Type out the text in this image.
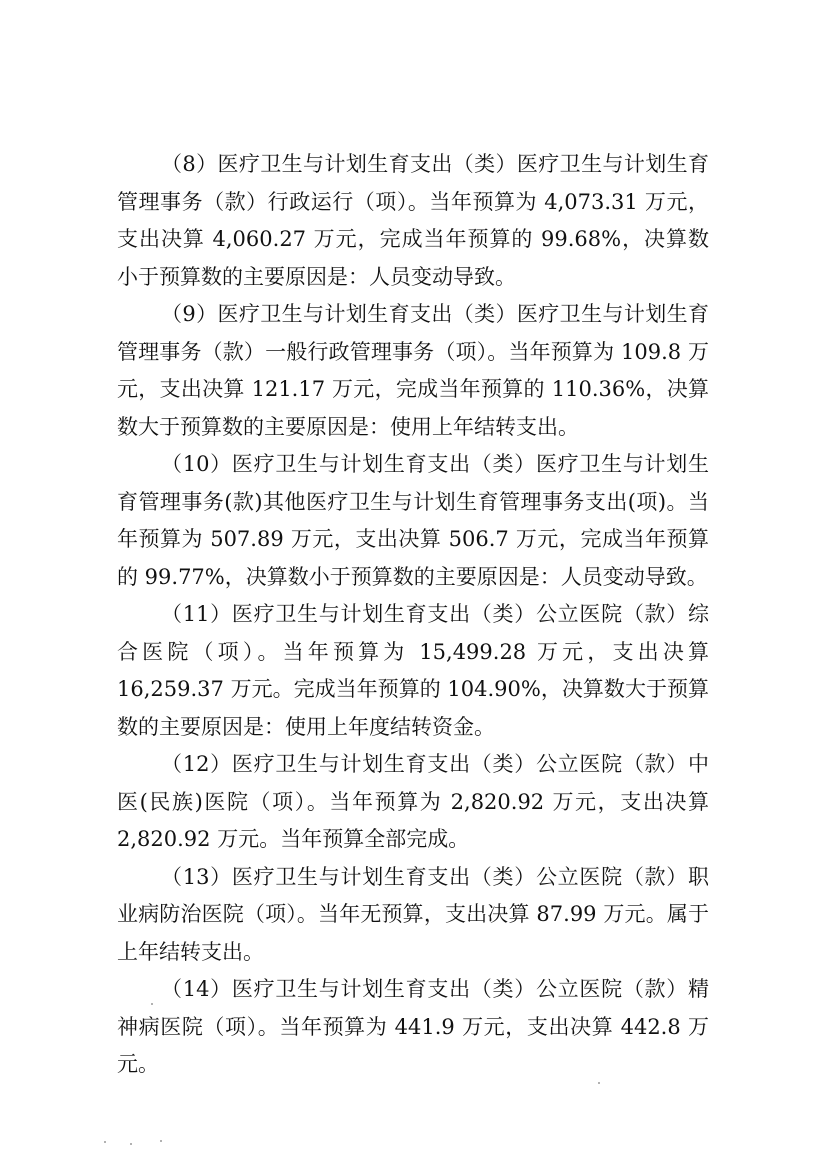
（8）医疗卫生与计划生育支出（类）医疗卫生与计划生育管理事务（款）行政运行（项）。当年预算为 4,073.31 万元，支出决算 4,060.27 万元，完成当年预算的 99.68%，决算数小于预算数的主要原因是：人员变动导致。

（9）医疗卫生与计划生育支出（类）医疗卫生与计划生育管理事务（款）一般行政管理事务（项）。当年预算为 109.8 万元，支出决算 121.17 万元，完成当年预算的 110.36%，决算数大于预算数的主要原因是：使用上年结转支出。

（10）医疗卫生与计划生育支出（类）医疗卫生与计划生育管理事务(款)其他医疗卫生与计划生育管理事务支出(项)。当年预算为 507.89 万元，支出决算 506.7 万元，完成当年预算的 99.77%，决算数小于预算数的主要原因是：人员变动导致。

（11）医疗卫生与计划生育支出（类）公立医院（款）综合医院（项）。当年预算为 15,499.28 万元，支出决算 16,259.37 万元。完成当年预算的 104.90%，决算数大于预算数的主要原因是：使用上年度结转资金。

（12）医疗卫生与计划生育支出（类）公立医院（款）中医(民族)医院（项）。当年预算为 2,820.92 万元，支出决算 2,820.92 万元。当年预算全部完成。

（13）医疗卫生与计划生育支出（类）公立医院（款）职业病防治医院（项）。当年无预算，支出决算 87.99 万元。属于上年结转支出。

（14）医疗卫生与计划生育支出（类）公立医院（款）精神病医院（项）。当年预算为 441.9 万元，支出决算 442.8 万元。
